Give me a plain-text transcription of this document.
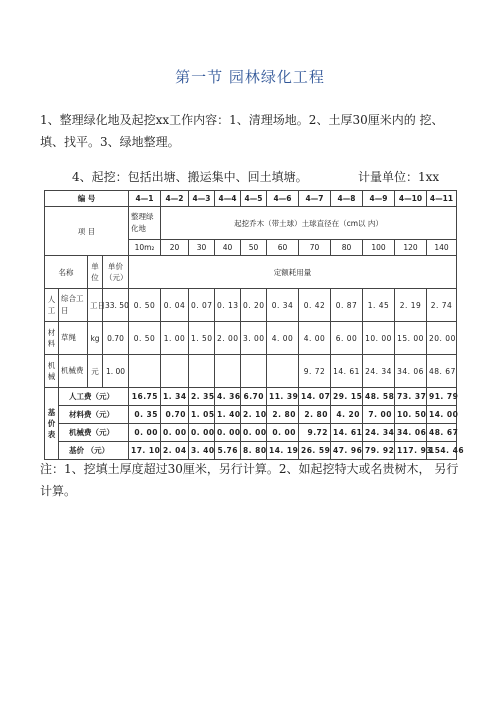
第一节 园林绿化工程
1、整理绿化地及起挖xx工作内容：1、清理场地。2、土厚30厘米内的 挖、填、找平。3、绿地整理。
4、起挖：包括出塘、搬运集中、回土填塘。	计量单位：1xx
编 号				4—1	4—2	4—3	4—4	4—5	4—6	4—7	4—8	4—9	4—10	4—11
项 目				整理绿化地	起挖乔木（带土球）土球直径在（cm以 内）									
				10m₂	20	30	40	50	60	70	80	100	120	140
名称		单位	单价（元）	定额耗用量										
人工	综合工日	工日	33. 50	0. 50	0. 04	0. 07	0. 13	0. 20	0. 34	0. 42	0. 87	1. 45	2. 19	2. 74
材料	草绳	kg	0.70	0. 50	1. 00	1. 50	2. 00	3. 00	4. 00	4. 00	6. 00	10. 00	15. 00	20. 00
机械	机械费	元	1. 00							9. 72	14. 61	24. 34	34. 06	48. 67
基价表	人工费（元）			16.75	1. 34	2. 35	4. 36	6.70	11. 39	14. 07	29. 15	48. 58	73. 37	91. 79
	材料费（元）			0. 35	0.70	1. 05	1. 40	2. 10	2. 80	2. 80	4. 20	7. 00	10. 50	14. 00
	机械费（元）			0. 00	0. 00	0. 00	0. 00	0. 00	0. 00	9.72	14. 61	24. 34	34. 06	48. 67
	基价 （元）			17. 10	2. 04	3. 40	5.76	8. 80	14. 19	26. 59	47. 96	79. 92	117. 93	154. 46
注：1、挖填土厚度超过30厘米，另行计算。2、如起挖特大或名贵树木， 另行计算。
